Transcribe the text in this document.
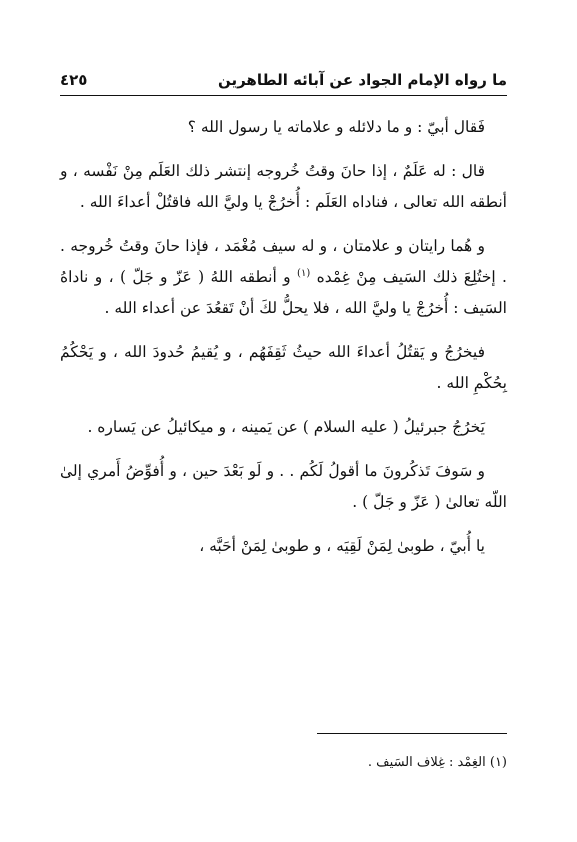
ما رواه الإمام الجواد عن آبائه الطاهرين
٤٢٥

فَقال أبيّ : و ما دلائله و علاماته يا رسول الله ؟

قال : له عَلَمٌ ، إذا حانَ وقتُ خُروجه إنتشر ذلك العَلَم مِنْ نَفْسه ، و أنطقه الله تعالى ، فناداه العَلَم : أُخرُجْ يا وليَّ الله فاقتُلْ أعداءَ الله .

و هُما رايتان و علامتان ، و له سيف مُغْمَد ، فإذا حانَ وقتُ خُروجه . . إختُلِعَ ذلك السَيف مِنْ غِمْده $^{(١)}$ و أنطقه اللهُ ( عَزّ و جَلّ ) ، و ناداهُ السَيف : أُخرُجْ يا وليَّ الله ، فلا يحلُّ لكَ أنْ تَقعُدَ عن أعداء الله .

فيخرُجُ و يَقتُلُ أعداءَ الله حيثُ ثَقِفَهُم ، و يُقيمُ حُدودَ الله ، و يَحْكُمُ بِحُكْمِ الله .

يَخرُجُ جبرئيلُ ( عليه السلام ) عن يَمينه ، و ميكائيلُ عن يَساره .

و سَوفَ تَذكُرونَ ما أقولُ لَكُم . . و لَو بَعْدَ حين ، و أُفوِّضُ أَمري إلىٰ اللّه تعالىٰ ( عَزّ و جَلّ ) .

يا أُبيّ ، طوبىٰ لِمَنْ لَقِيَه ، و طوبىٰ لِمَنْ أحَبَّه ،

(١) الغِمْد : غِلاف السَيف .
